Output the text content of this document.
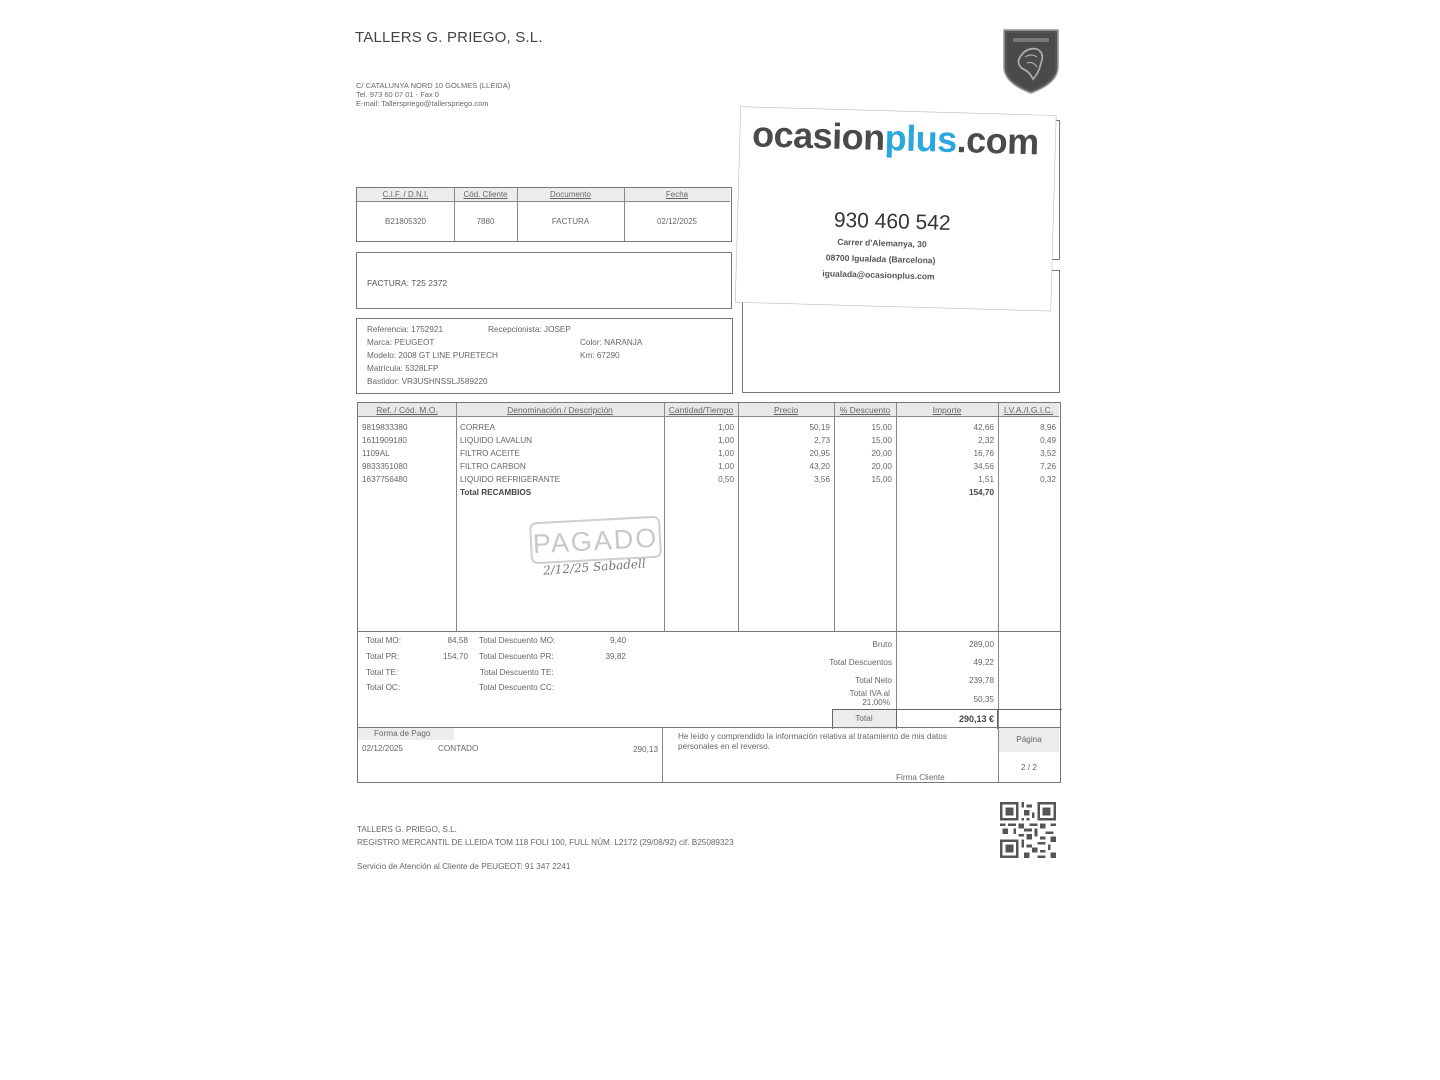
TALLERS G. PRIEGO, S.L.
C/ CATALUNYA NORD 10 GOLMES (LLEIDA)
Tel. 973 60 07 01 - Fax 0
E-mail: Tallerspriego@tallerspriego.com
C.I.F. / D.N.I.	Cód. Cliente	Documento	Fecha
B21805320	7880	FACTURA	02/12/2025
FACTURA: T25 2372
Referencia: 1752921	Recepcionista: JOSEP
Marca: PEUGEOT	Color: NARANJA
Modelo: 2008 GT LINE PURETECH	Km: 67290
Matrícula: 5328LFP
Bastidor: VR3USHNSSLJ589220
ocasionplus.com
930 460 542
Carrer d'Alemanya, 30
08700 Igualada (Barcelona)
igualada@ocasionplus.com
Ref. / Cód. M.O.	Denominación / Descripción	Cantidad/Tiempo	Precio	% Descuento	Importe	I.V.A./I.G.I.C.
9819833380	CORREA	1,00	50,19	15,00	42,66	8,96
1611909180	LIQUIDO LAVALUN	1,00	2,73	15,00	2,32	0,49
1109AL	FILTRO ACEITE	1,00	20,95	20,00	16,76	3,52
9833351080	FILTRO CARBON	1,00	43,20	20,00	34,56	7,26
1637756480	LIQUIDO REFRIGERANTE	0,50	3,56	15,00	1,51	0,32
Total RECAMBIOS	154,70
PAGADO
2/12/25 Sabadell
Total MO:	84,58
Total PR:	154,70
Total TE:
Total OC:
Total Descuento MO:	9,40
Total Descuento PR:	39,82
Total Descuento TE:
Total Descuento CC:
Bruto	289,00
Total Descuentos	49,22
Total Neto	239,78
Total IVA al
21,00%	50,35
Total	290,13 €
Forma de Pago
02/12/2025	CONTADO	290,13
He leído y comprendido la información relativa al tratamiento de mis datos
personales en el reverso.
Firma Cliente
Página
2 / 2
TALLERS G. PRIEGO, S.L.
REGISTRO MERCANTIL DE LLEIDA TOM 118 FOLI 100, FULL NÚM. L2172 (29/08/92) cif. B25089323
Servicio de Atención al Cliente de PEUGEOT: 91 347 2241
